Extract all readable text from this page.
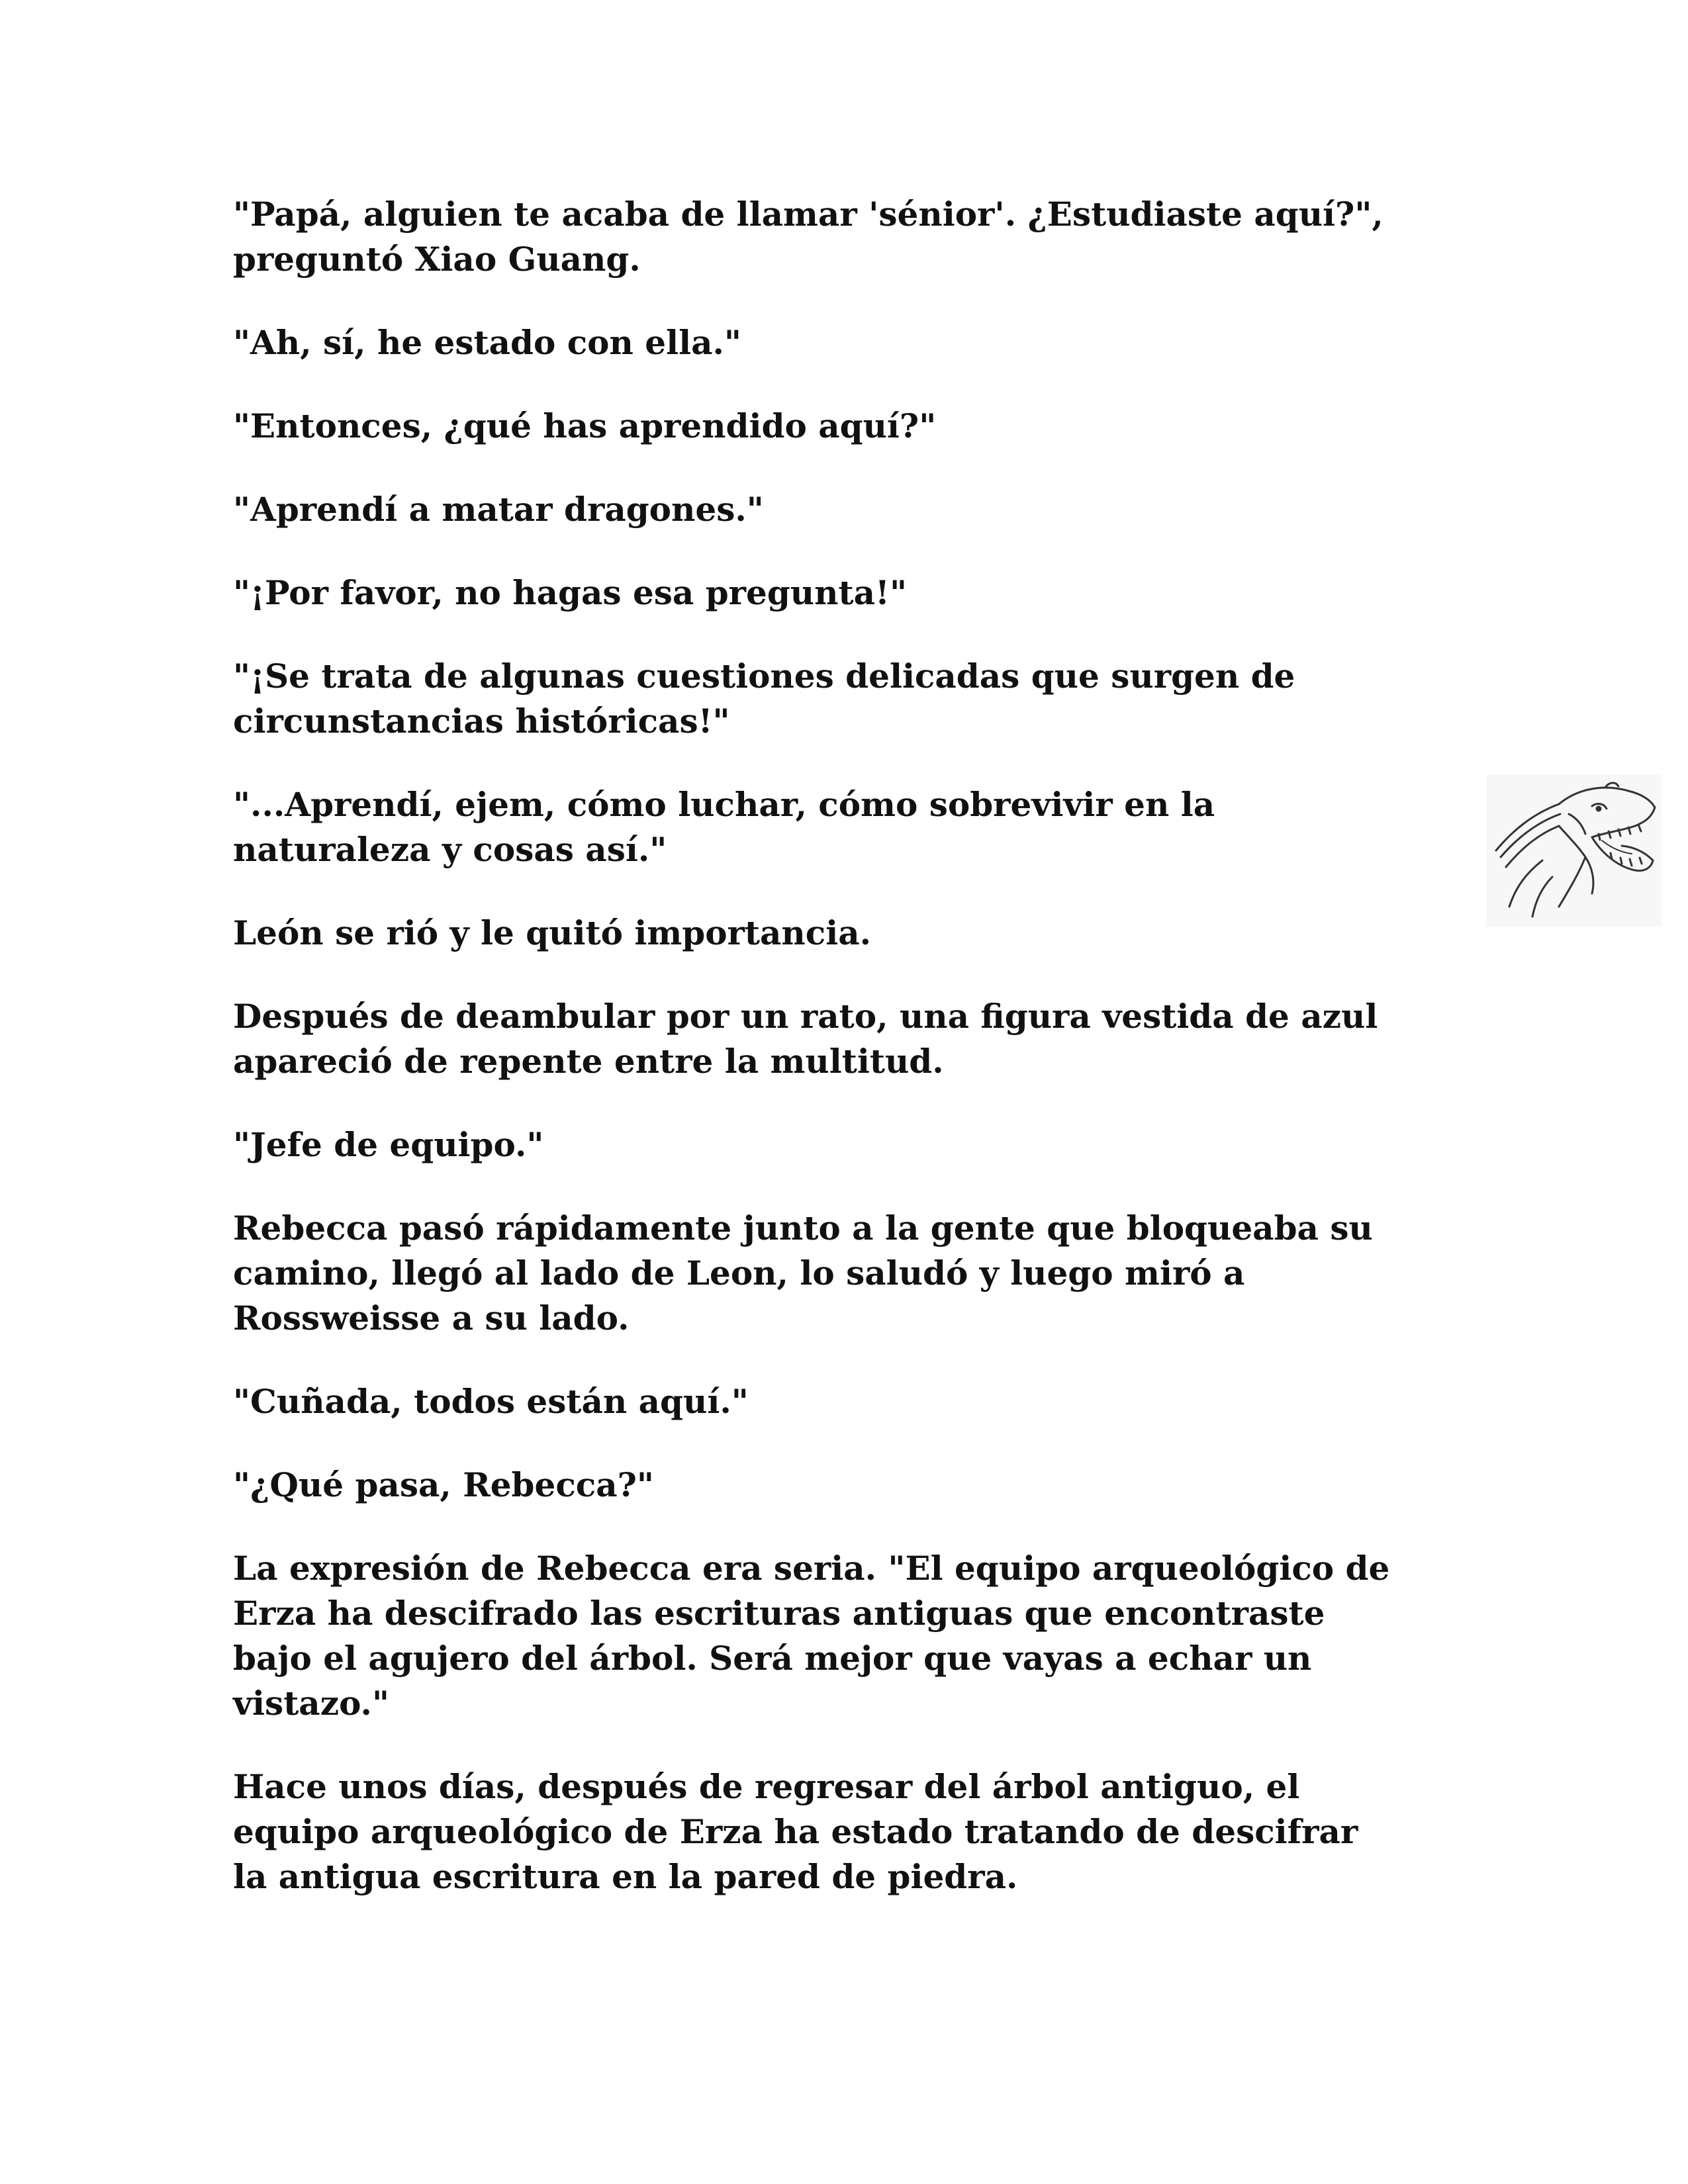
"Papá, alguien te acaba de llamar 'sénior'. ¿Estudiaste aquí?",
preguntó Xiao Guang.

"Ah, sí, he estado con ella."

"Entonces, ¿qué has aprendido aquí?"

"Aprendí a matar dragones."

"¡Por favor, no hagas esa pregunta!"

"¡Se trata de algunas cuestiones delicadas que surgen de
circunstancias históricas!"

"...Aprendí, ejem, cómo luchar, cómo sobrevivir en la
naturaleza y cosas así."

León se rió y le quitó importancia.

Después de deambular por un rato, una figura vestida de azul
apareció de repente entre la multitud.

"Jefe de equipo."

Rebecca pasó rápidamente junto a la gente que bloqueaba su
camino, llegó al lado de Leon, lo saludó y luego miró a
Rossweisse a su lado.

"Cuñada, todos están aquí."

"¿Qué pasa, Rebecca?"

La expresión de Rebecca era seria. "El equipo arqueológico de
Erza ha descifrado las escrituras antiguas que encontraste
bajo el agujero del árbol. Será mejor que vayas a echar un
vistazo."

Hace unos días, después de regresar del árbol antiguo, el
equipo arqueológico de Erza ha estado tratando de descifrar
la antigua escritura en la pared de piedra.
